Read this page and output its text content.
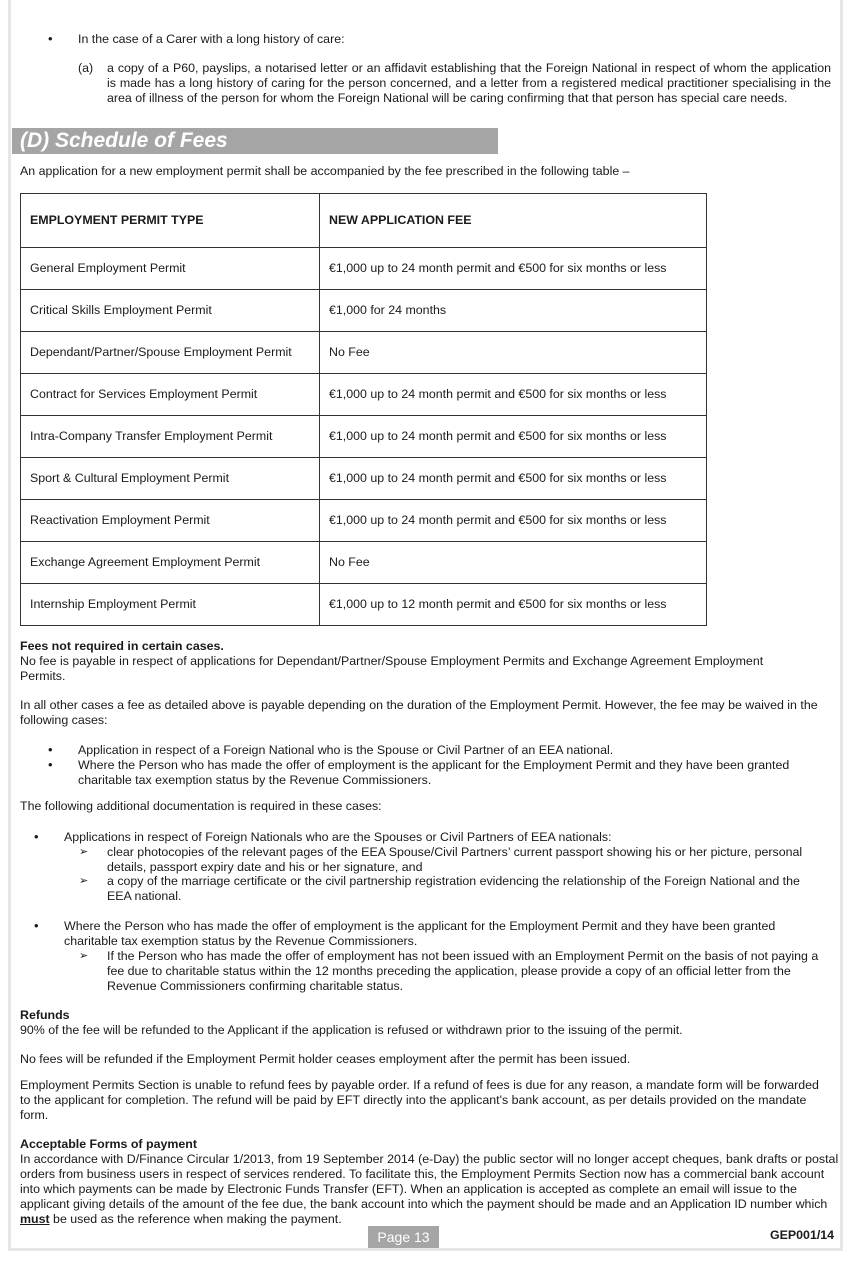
• In the case of a Carer with a long history of care:
(a) a copy of a P60, payslips, a notarised letter or an affidavit establishing that the Foreign National in respect of whom the application is made has a long history of caring for the person concerned, and a letter from a registered medical practitioner specialising in the area of illness of the person for whom the Foreign National will be caring confirming that that person has special care needs.
(D) Schedule of Fees
An application for a new employment permit shall be accompanied by the fee prescribed in the following table –
EMPLOYMENT PERMIT TYPE	NEW APPLICATION FEE
General Employment Permit	€1,000 up to 24 month permit and €500 for six months or less
Critical Skills Employment Permit	€1,000 for 24 months
Dependant/Partner/Spouse Employment Permit	No Fee
Contract for Services Employment Permit	€1,000 up to 24 month permit and €500 for six months or less
Intra-Company Transfer Employment Permit	€1,000 up to 24 month permit and €500 for six months or less
Sport & Cultural Employment Permit	€1,000 up to 24 month permit and €500 for six months or less
Reactivation Employment Permit	€1,000 up to 24 month permit and €500 for six months or less
Exchange Agreement Employment Permit	No Fee
Internship Employment Permit	€1,000 up to 12 month permit and €500 for six months or less
Fees not required in certain cases.
No fee is payable in respect of applications for Dependant/Partner/Spouse Employment Permits and Exchange Agreement Employment Permits.
In all other cases a fee as detailed above is payable depending on the duration of the Employment Permit. However, the fee may be waived in the following cases:
• Application in respect of a Foreign National who is the Spouse or Civil Partner of an EEA national.
• Where the Person who has made the offer of employment is the applicant for the Employment Permit and they have been granted charitable tax exemption status by the Revenue Commissioners.
The following additional documentation is required in these cases:
• Applications in respect of Foreign Nationals who are the Spouses or Civil Partners of EEA nationals:
➢ clear photocopies of the relevant pages of the EEA Spouse/Civil Partners’ current passport showing his or her picture, personal details, passport expiry date and his or her signature, and
➢ a copy of the marriage certificate or the civil partnership registration evidencing the relationship of the Foreign National and the EEA national.
• Where the Person who has made the offer of employment is the applicant for the Employment Permit and they have been granted charitable tax exemption status by the Revenue Commissioners.
➢ If the Person who has made the offer of employment has not been issued with an Employment Permit on the basis of not paying a fee due to charitable status within the 12 months preceding the application, please provide a copy of an official letter from the Revenue Commissioners confirming charitable status.
Refunds
90% of the fee will be refunded to the Applicant if the application is refused or withdrawn prior to the issuing of the permit.
No fees will be refunded if the Employment Permit holder ceases employment after the permit has been issued.
Employment Permits Section is unable to refund fees by payable order. If a refund of fees is due for any reason, a mandate form will be forwarded to the applicant for completion. The refund will be paid by EFT directly into the applicant's bank account, as per details provided on the mandate form.
Acceptable Forms of payment
In accordance with D/Finance Circular 1/2013, from 19 September 2014 (e-Day) the public sector will no longer accept cheques, bank drafts or postal orders from business users in respect of services rendered. To facilitate this, the Employment Permits Section now has a commercial bank account into which payments can be made by Electronic Funds Transfer (EFT). When an application is accepted as complete an email will issue to the applicant giving details of the amount of the fee due, the bank account into which the payment should be made and an Application ID number which must be used as the reference when making the payment.
Page 13	GEP001/14
